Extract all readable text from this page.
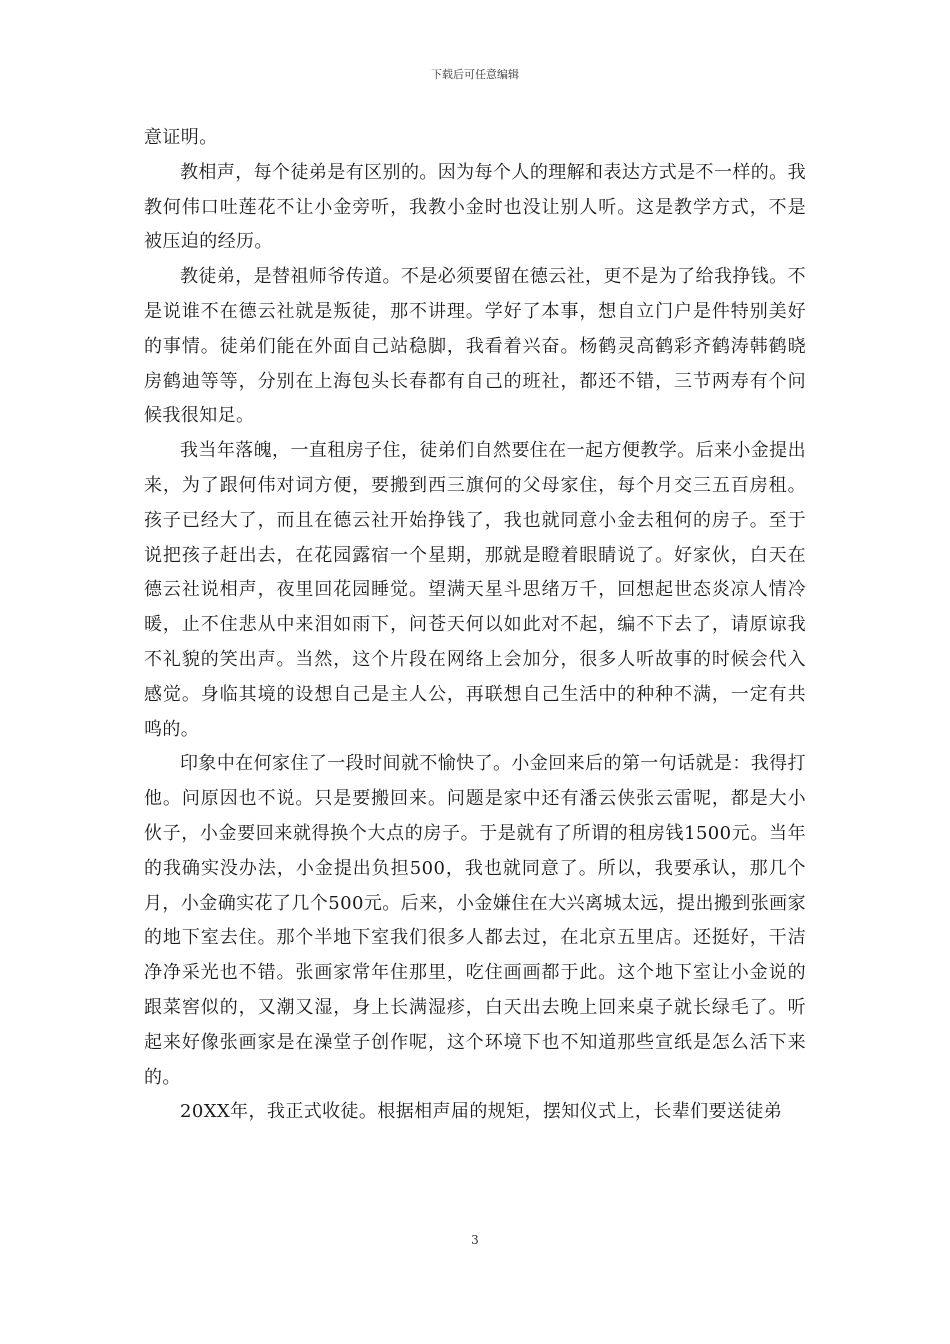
下载后可任意编辑

意证明。

教相声，每个徒弟是有区别的。因为每个人的理解和表达方式是不一样的。我教何伟口吐莲花不让小金旁听，我教小金时也没让别人听。这是教学方式，不是被压迫的经历。

教徒弟，是替祖师爷传道。不是必须要留在德云社，更不是为了给我挣钱。不是说谁不在德云社就是叛徒，那不讲理。学好了本事，想自立门户是件特别美好的事情。徒弟们能在外面自己站稳脚，我看着兴奋。杨鹤灵高鹤彩齐鹤涛韩鹤晓房鹤迪等等，分别在上海包头长春都有自己的班社，都还不错，三节两寿有个问候我很知足。

我当年落魄，一直租房子住，徒弟们自然要住在一起方便教学。后来小金提出来，为了跟何伟对词方便，要搬到西三旗何的父母家住，每个月交三五百房租。孩子已经大了，而且在德云社开始挣钱了，我也就同意小金去租何的房子。至于说把孩子赶出去，在花园露宿一个星期，那就是瞪着眼睛说了。好家伙，白天在德云社说相声，夜里回花园睡觉。望满天星斗思绪万千，回想起世态炎凉人情冷暖，止不住悲从中来泪如雨下，问苍天何以如此对不起，编不下去了，请原谅我不礼貌的笑出声。当然，这个片段在网络上会加分，很多人听故事的时候会代入感觉。身临其境的设想自己是主人公，再联想自己生活中的种种不满，一定有共鸣的。

印象中在何家住了一段时间就不愉快了。小金回来后的第一句话就是：我得打他。问原因也不说。只是要搬回来。问题是家中还有潘云侠张云雷呢，都是大小伙子，小金要回来就得换个大点的房子。于是就有了所谓的租房钱1500元。当年的我确实没办法，小金提出负担500，我也就同意了。所以，我要承认，那几个月，小金确实花了几个500元。后来，小金嫌住在大兴离城太远，提出搬到张画家的地下室去住。那个半地下室我们很多人都去过，在北京五里店。还挺好，干洁净净采光也不错。张画家常年住那里，吃住画画都于此。这个地下室让小金说的跟菜窖似的，又潮又湿，身上长满湿疹，白天出去晚上回来桌子就长绿毛了。听起来好像张画家是在澡堂子创作呢，这个环境下也不知道那些宣纸是怎么活下来的。

20XX年，我正式收徒。根据相声届的规矩，摆知仪式上，长辈们要送徒弟

3
